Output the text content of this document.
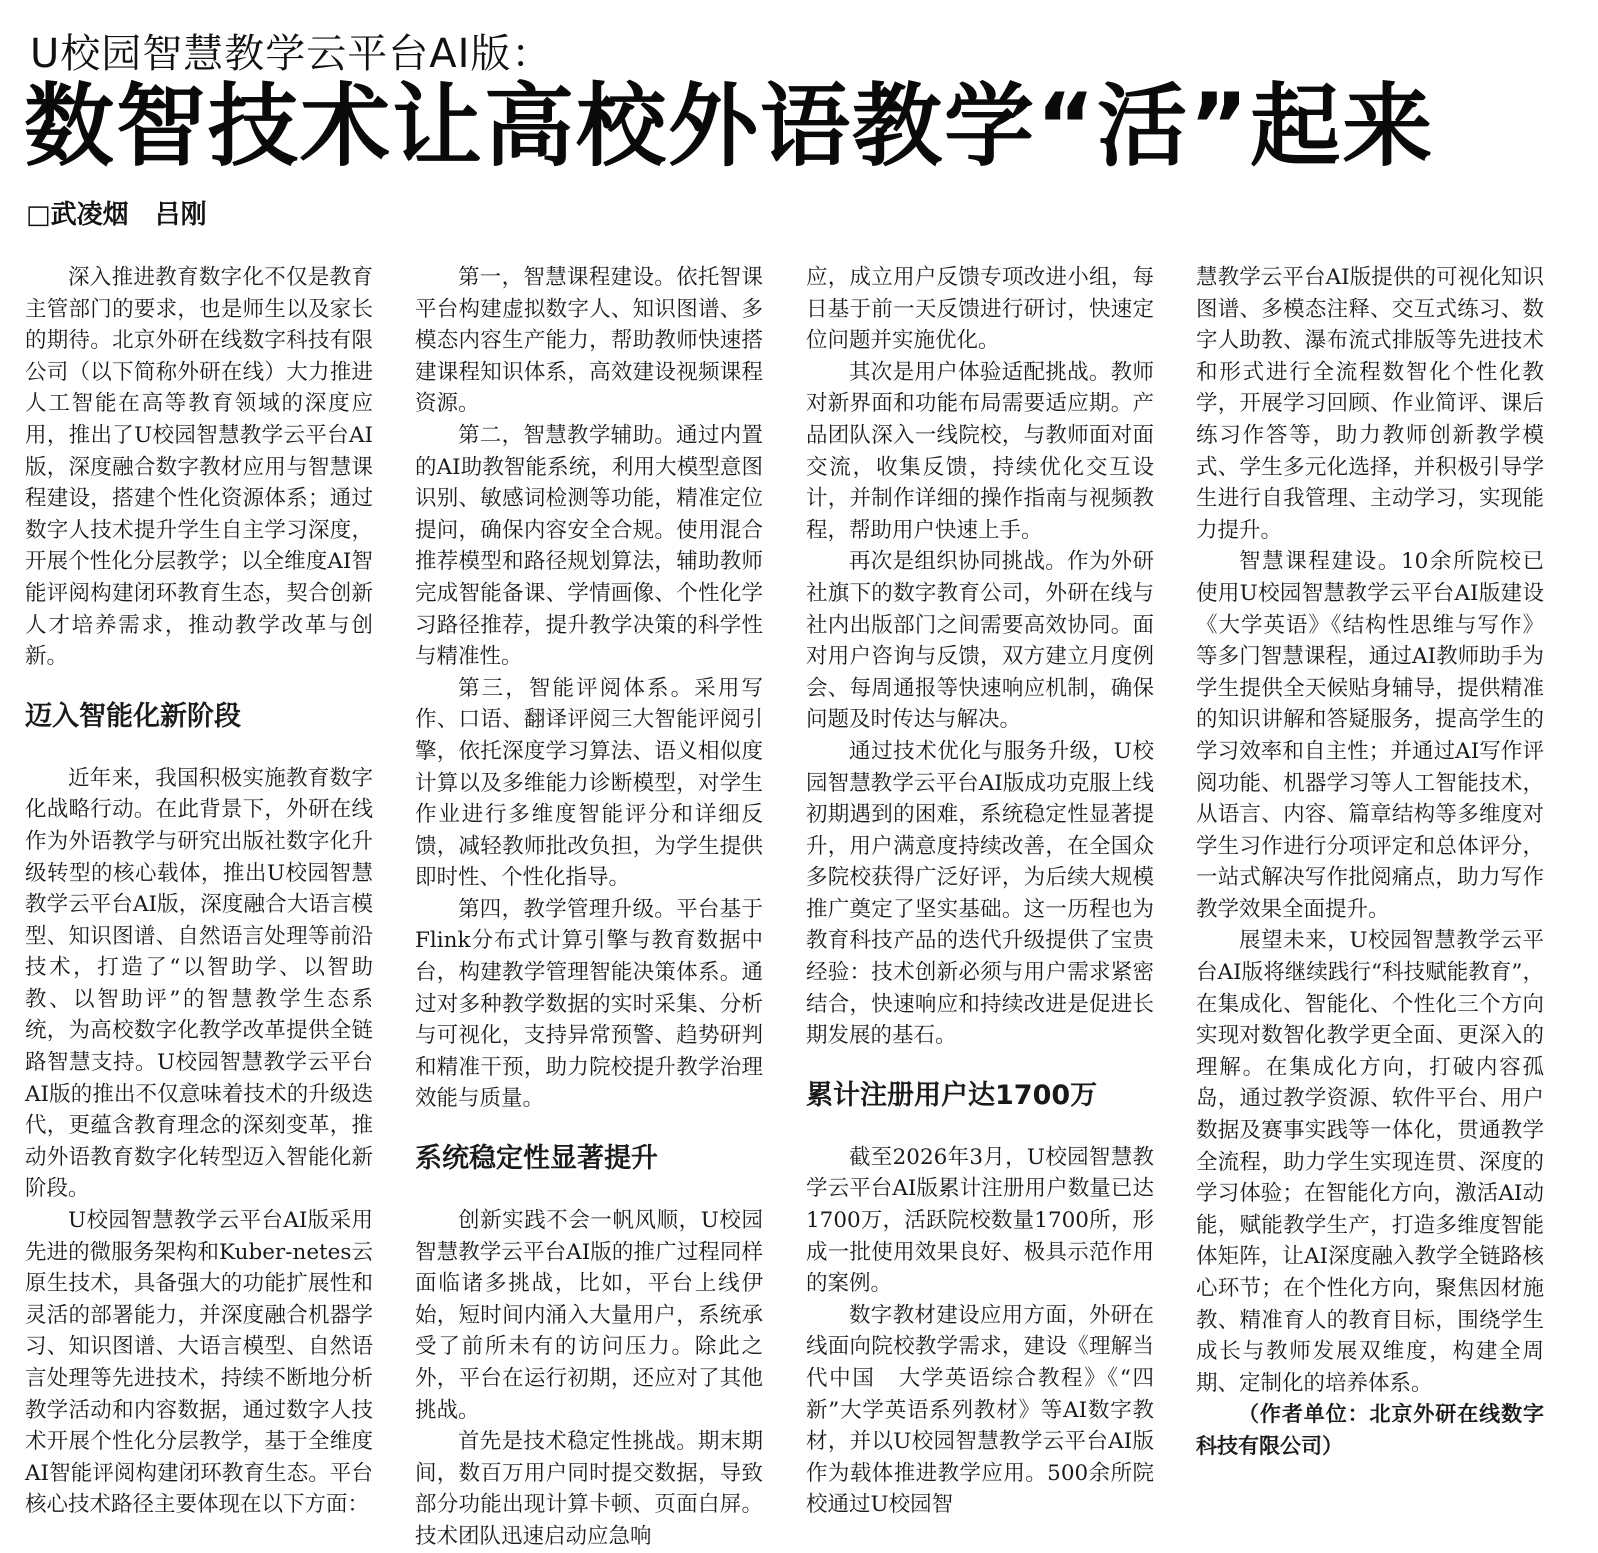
U校园智慧教学云平台AI版：
数智技术让高校外语教学“活”起来
□武凌烟　吕刚

深入推进教育数字化不仅是教育主管部门的要求，也是师生以及家长的期待。北京外研在线数字科技有限公司（以下简称外研在线）大力推进人工智能在高等教育领域的深度应用，推出了U校园智慧教学云平台AI版，深度融合数字教材应用与智慧课程建设，搭建个性化资源体系；通过数字人技术提升学生自主学习深度，开展个性化分层教学；以全维度AI智能评阅构建闭环教育生态，契合创新人才培养需求，推动教学改革与创新。

迈入智能化新阶段

近年来，我国积极实施教育数字化战略行动。在此背景下，外研在线作为外语教学与研究出版社数字化升级转型的核心载体，推出U校园智慧教学云平台AI版，深度融合大语言模型、知识图谱、自然语言处理等前沿技术，打造了“以智助学、以智助教、以智助评”的智慧教学生态系统，为高校数字化教学改革提供全链路智慧支持。U校园智慧教学云平台AI版的推出不仅意味着技术的升级迭代，更蕴含教育理念的深刻变革，推动外语教育数字化转型迈入智能化新阶段。

U校园智慧教学云平台AI版采用先进的微服务架构和Kuber-netes云原生技术，具备强大的功能扩展性和灵活的部署能力，并深度融合机器学习、知识图谱、大语言模型、自然语言处理等先进技术，持续不断地分析教学活动和内容数据，通过数字人技术开展个性化分层教学，基于全维度AI智能评阅构建闭环教育生态。平台核心技术路径主要体现在以下方面：

第一，智慧课程建设。依托智课平台构建虚拟数字人、知识图谱、多模态内容生产能力，帮助教师快速搭建课程知识体系，高效建设视频课程资源。

第二，智慧教学辅助。通过内置的AI助教智能系统，利用大模型意图识别、敏感词检测等功能，精准定位提问，确保内容安全合规。使用混合推荐模型和路径规划算法，辅助教师完成智能备课、学情画像、个性化学习路径推荐，提升教学决策的科学性与精准性。

第三，智能评阅体系。采用写作、口语、翻译评阅三大智能评阅引擎，依托深度学习算法、语义相似度计算以及多维能力诊断模型，对学生作业进行多维度智能评分和详细反馈，减轻教师批改负担，为学生提供即时性、个性化指导。

第四，教学管理升级。平台基于Flink分布式计算引擎与教育数据中台，构建教学管理智能决策体系。通过对多种教学数据的实时采集、分析与可视化，支持异常预警、趋势研判和精准干预，助力院校提升教学治理效能与质量。

系统稳定性显著提升

创新实践不会一帆风顺，U校园智慧教学云平台AI版的推广过程同样面临诸多挑战，比如，平台上线伊始，短时间内涌入大量用户，系统承受了前所未有的访问压力。除此之外，平台在运行初期，还应对了其他挑战。

首先是技术稳定性挑战。期末期间，数百万用户同时提交数据，导致部分功能出现计算卡顿、页面白屏。技术团队迅速启动应急响

应，成立用户反馈专项改进小组，每日基于前一天反馈进行研讨，快速定位问题并实施优化。

其次是用户体验适配挑战。教师对新界面和功能布局需要适应期。产品团队深入一线院校，与教师面对面交流，收集反馈，持续优化交互设计，并制作详细的操作指南与视频教程，帮助用户快速上手。

再次是组织协同挑战。作为外研社旗下的数字教育公司，外研在线与社内出版部门之间需要高效协同。面对用户咨询与反馈，双方建立月度例会、每周通报等快速响应机制，确保问题及时传达与解决。

通过技术优化与服务升级，U校园智慧教学云平台AI版成功克服上线初期遇到的困难，系统稳定性显著提升，用户满意度持续改善，在全国众多院校获得广泛好评，为后续大规模推广奠定了坚实基础。这一历程也为教育科技产品的迭代升级提供了宝贵经验：技术创新必须与用户需求紧密结合，快速响应和持续改进是促进长期发展的基石。

累计注册用户达1700万

截至2026年3月，U校园智慧教学云平台AI版累计注册用户数量已达1700万，活跃院校数量1700所，形成一批使用效果良好、极具示范作用的案例。

数字教材建设应用方面，外研在线面向院校教学需求，建设《理解当代中国　大学英语综合教程》《“四新”大学英语系列教材》等AI数字教材，并以U校园智慧教学云平台AI版作为载体推进教学应用。500余所院校通过U校园智

慧教学云平台AI版提供的可视化知识图谱、多模态注释、交互式练习、数字人助教、瀑布流式排版等先进技术和形式进行全流程数智化个性化教学，开展学习回顾、作业简评、课后练习作答等，助力教师创新教学模式、学生多元化选择，并积极引导学生进行自我管理、主动学习，实现能力提升。

智慧课程建设。10余所院校已使用U校园智慧教学云平台AI版建设《大学英语》《结构性思维与写作》等多门智慧课程，通过AI教师助手为学生提供全天候贴身辅导，提供精准的知识讲解和答疑服务，提高学生的学习效率和自主性；并通过AI写作评阅功能、机器学习等人工智能技术，从语言、内容、篇章结构等多维度对学生习作进行分项评定和总体评分，一站式解决写作批阅痛点，助力写作教学效果全面提升。

展望未来，U校园智慧教学云平台AI版将继续践行“科技赋能教育”，在集成化、智能化、个性化三个方向实现对数智化教学更全面、更深入的理解。在集成化方向，打破内容孤岛，通过教学资源、软件平台、用户数据及赛事实践等一体化，贯通教学全流程，助力学生实现连贯、深度的学习体验；在智能化方向，激活AI动能，赋能教学生产，打造多维度智能体矩阵，让AI深度融入教学全链路核心环节；在个性化方向，聚焦因材施教、精准育人的教育目标，围绕学生成长与教师发展双维度，构建全周期、定制化的培养体系。

（作者单位：北京外研在线数字科技有限公司）
